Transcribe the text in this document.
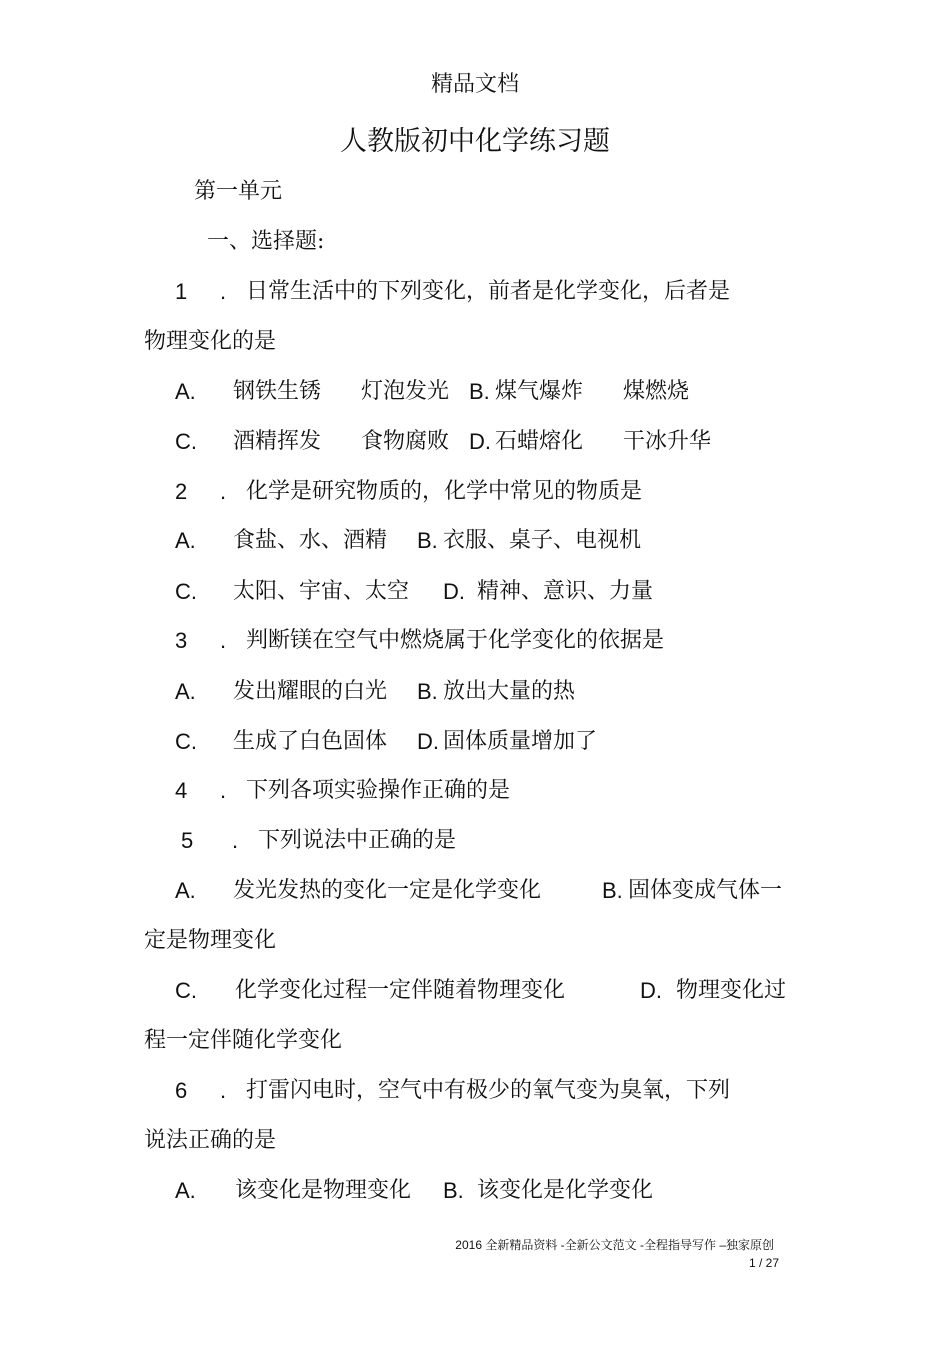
精品文档
人教版初中化学练习题
第一单元
一、选择题:
1 . 日常生活中的下列变化，前者是化学变化，后者是
物理变化的是
A. 钢铁生锈 灯泡发光 B. 煤气爆炸 煤燃烧
C. 酒精挥发 食物腐败 D. 石蜡熔化 干冰升华
2 . 化学是研究物质的，化学中常见的物质是
A. 食盐、水、酒精 B. 衣服、桌子、电视机
C. 太阳、宇宙、太空 D. 精神、意识、力量
3 . 判断镁在空气中燃烧属于化学变化的依据是
A. 发出耀眼的白光 B. 放出大量的热
C. 生成了白色固体 D. 固体质量增加了
4 . 下列各项实验操作正确的是
5 . 下列说法中正确的是
A. 发光发热的变化一定是化学变化	B. 固体变成气体一
定是物理变化
C. 化学变化过程一定伴随着物理变化	D. 物理变化过
程一定伴随化学变化
6 . 打雷闪电时，空气中有极少的氧气变为臭氧，下列
说法正确的是
A. 该变化是物理变化 B. 该变化是化学变化
2016 全新精品资料 -全新公文范文 -全程指导写作 –独家原创
1 / 27
